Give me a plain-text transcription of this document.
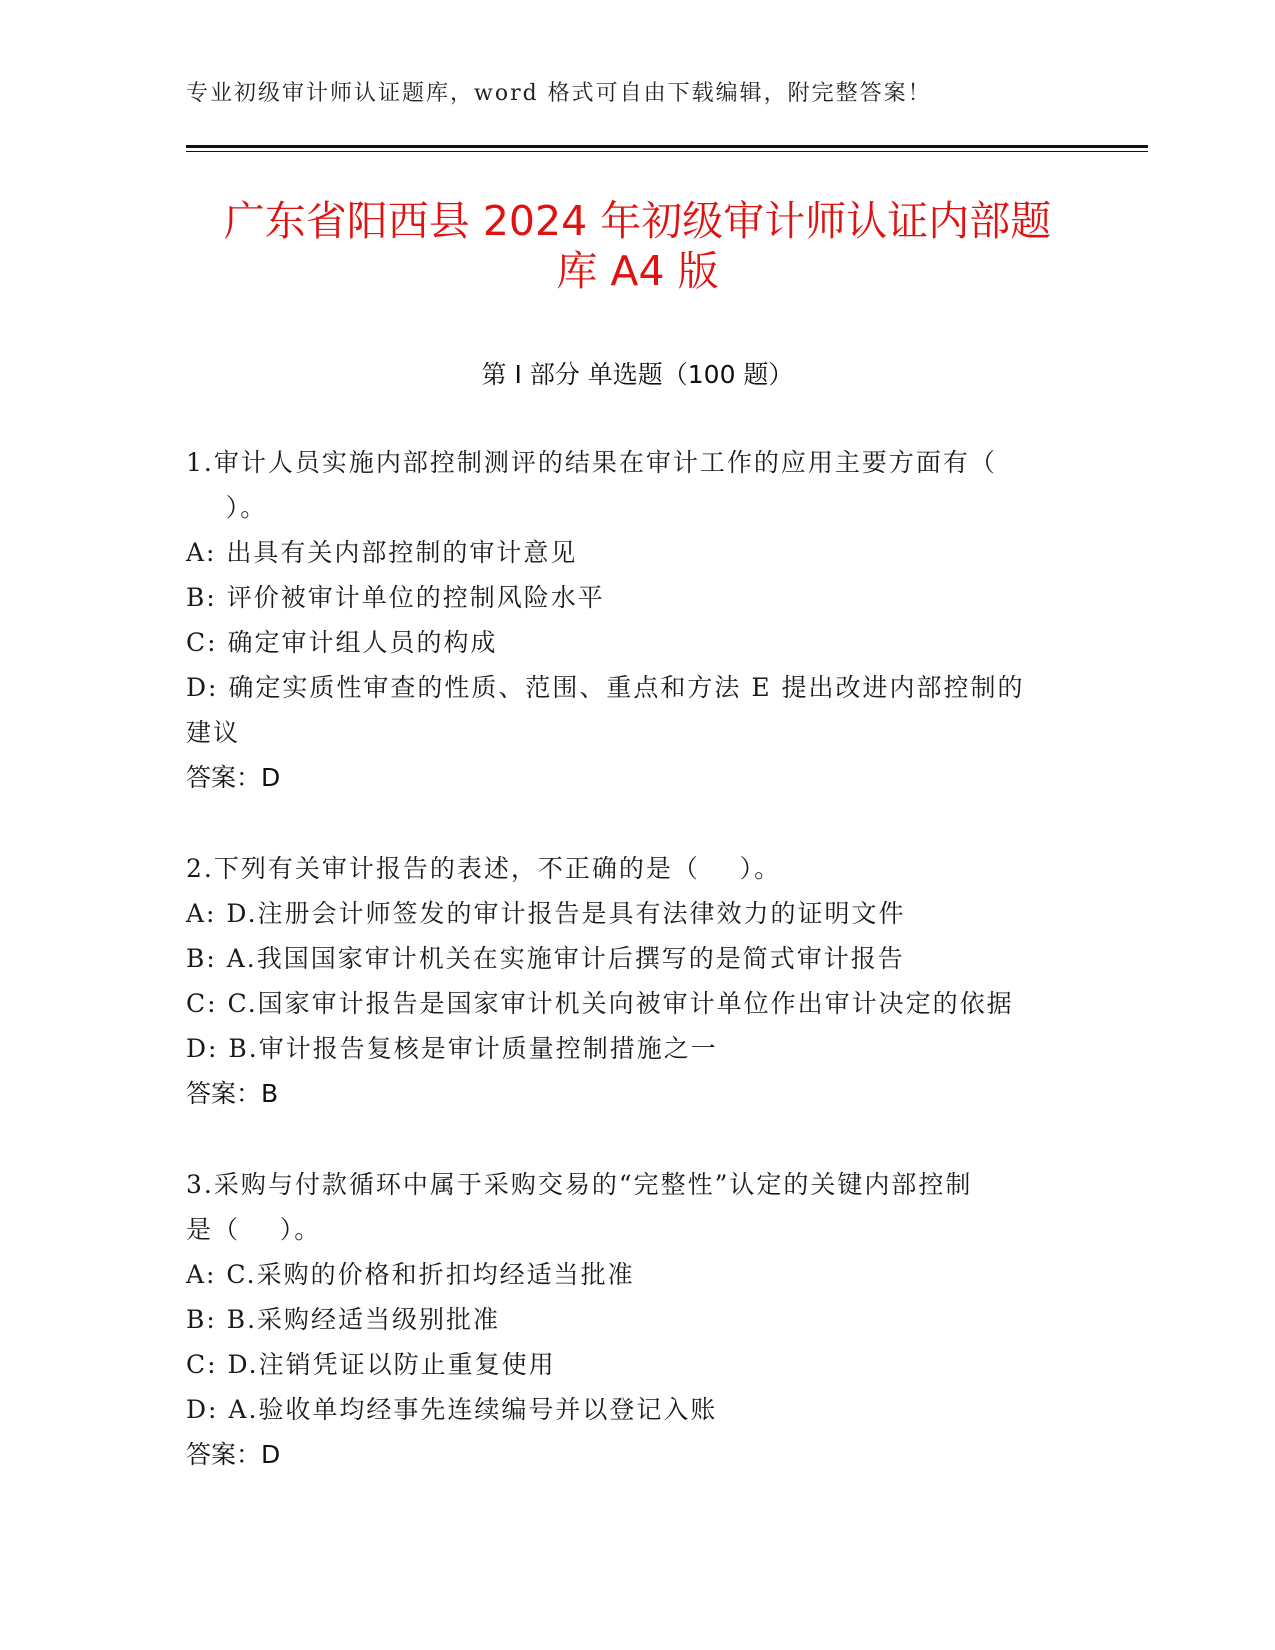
专业初级审计师认证题库，word 格式可自由下载编辑，附完整答案！
广东省阳西县 2024 年初级审计师认证内部题
库 A4 版
第 I 部分 单选题（100 题）
1.审计人员实施内部控制测评的结果在审计工作的应用主要方面有（
）。
A: 出具有关内部控制的审计意见
B: 评价被审计单位的控制风险水平
C: 确定审计组人员的构成
D: 确定实质性审查的性质、范围、重点和方法 E 提出改进内部控制的
建议
答案：D
2.下列有关审计报告的表述，不正确的是（    ）。
A: D.注册会计师签发的审计报告是具有法律效力的证明文件
B: A.我国国家审计机关在实施审计后撰写的是简式审计报告
C: C.国家审计报告是国家审计机关向被审计单位作出审计决定的依据
D: B.审计报告复核是审计质量控制措施之一
答案：B
3.采购与付款循环中属于采购交易的“完整性”认定的关键内部控制
是（    ）。
A: C.采购的价格和折扣均经适当批准
B: B.采购经适当级别批准
C: D.注销凭证以防止重复使用
D: A.验收单均经事先连续编号并以登记入账
答案：D
